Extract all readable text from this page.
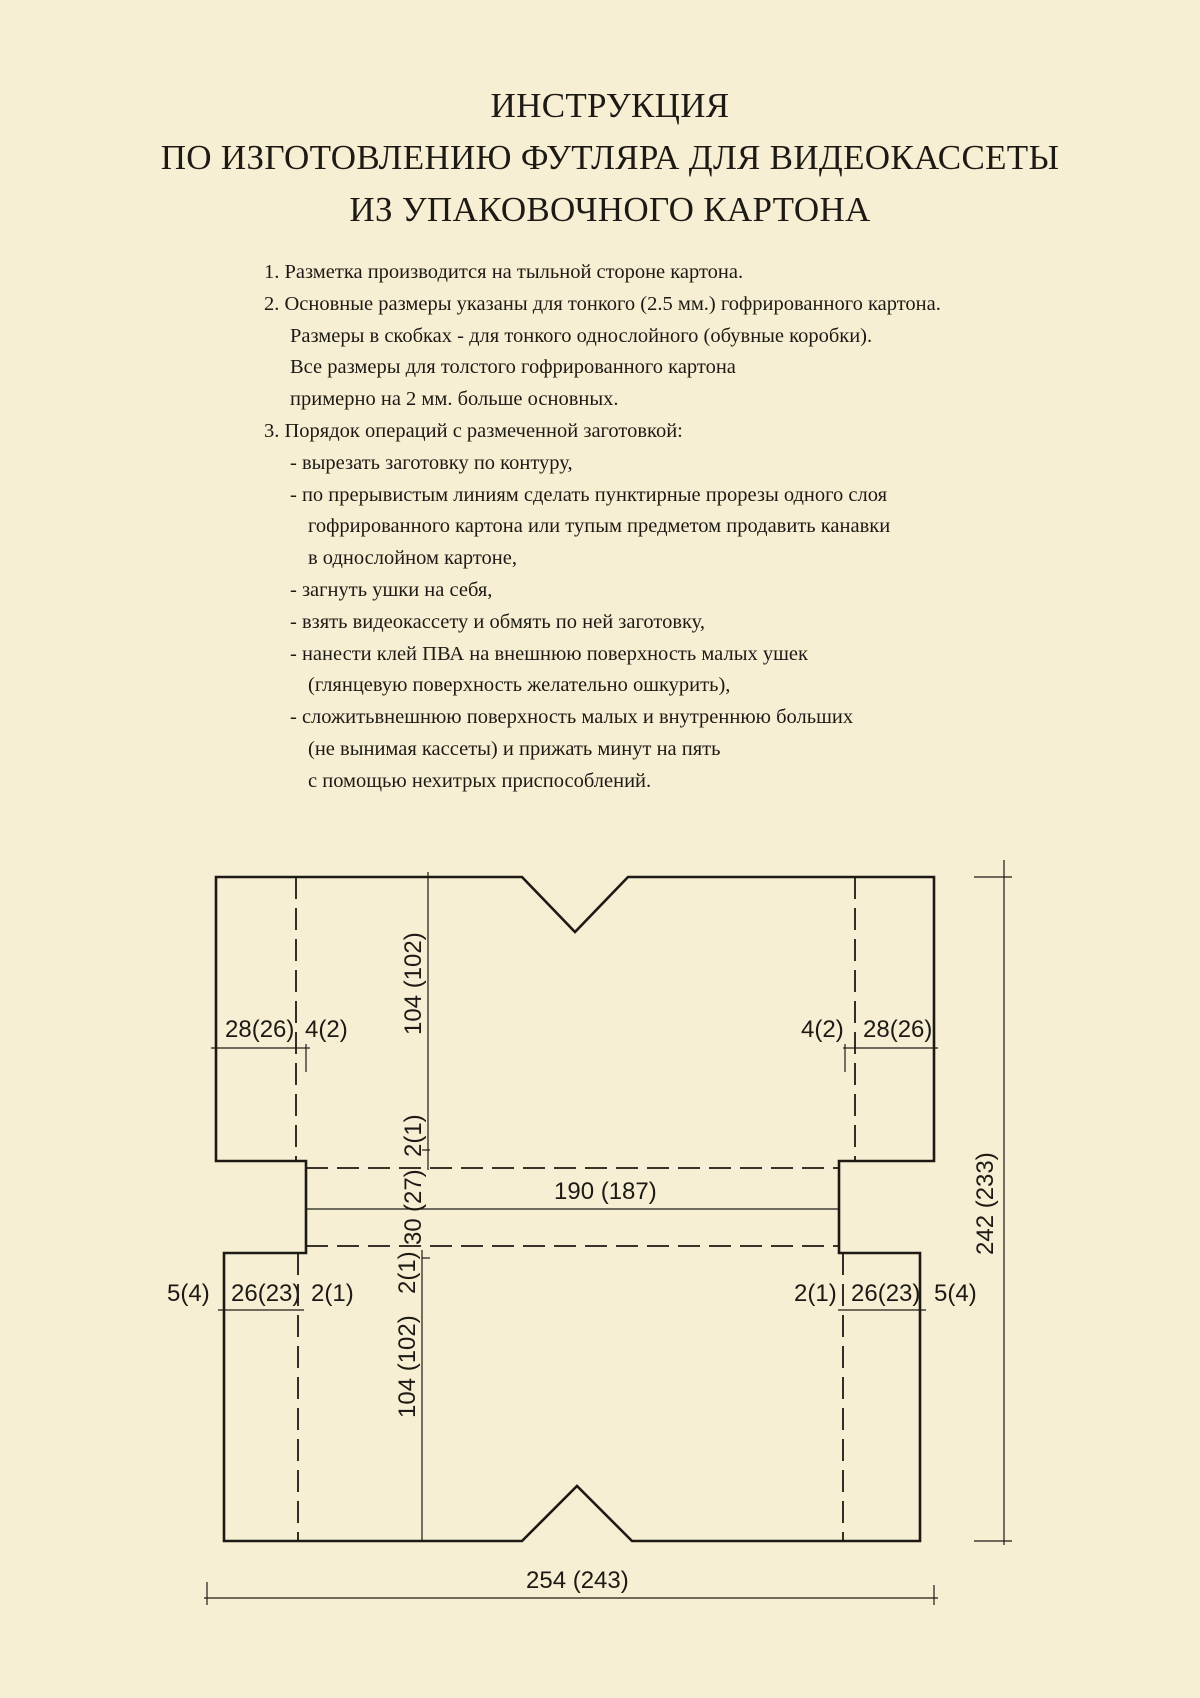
ИНСТРУКЦИЯ
ПО ИЗГОТОВЛЕНИЮ ФУТЛЯРА ДЛЯ ВИДЕОКАССЕТЫ
ИЗ УПАКОВОЧНОГО КАРТОНА
1. Разметка производится на тыльной стороне картона.
2. Основные размеры указаны для тонкого (2.5 мм.) гофрированного картона.
Размеры в скобках - для тонкого однослойного (обувные коробки).
Все размеры для толстого гофрированного картона
примерно на 2 мм. больше основных.
3. Порядок операций с размеченной заготовкой:
- вырезать заготовку по контуру,
- по прерывистым линиям сделать пунктирные прорезы одного слоя
гофрированного картона или тупым предметом продавить канавки
в однослойном картоне,
- загнуть ушки на себя,
- взять видеокассету и обмять по ней заготовку,
- нанести клей ПВА на внешнюю поверхность малых ушек
(глянцевую поверхность желательно ошкурить),
- сложитьвнешнюю поверхность малых и внутреннюю больших
(не вынимая кассеты) и прижать минут на пять
с помощью нехитрых приспособлений.
28(26) 4(2)	4(2) 28(26)
190 (187)
5(4) 26(23) 2(1)	2(1) 26(23) 5(4)
254 (243)
104 (102)
2(1)
(27)
30
2(1)
104 (102)
242 (233)
